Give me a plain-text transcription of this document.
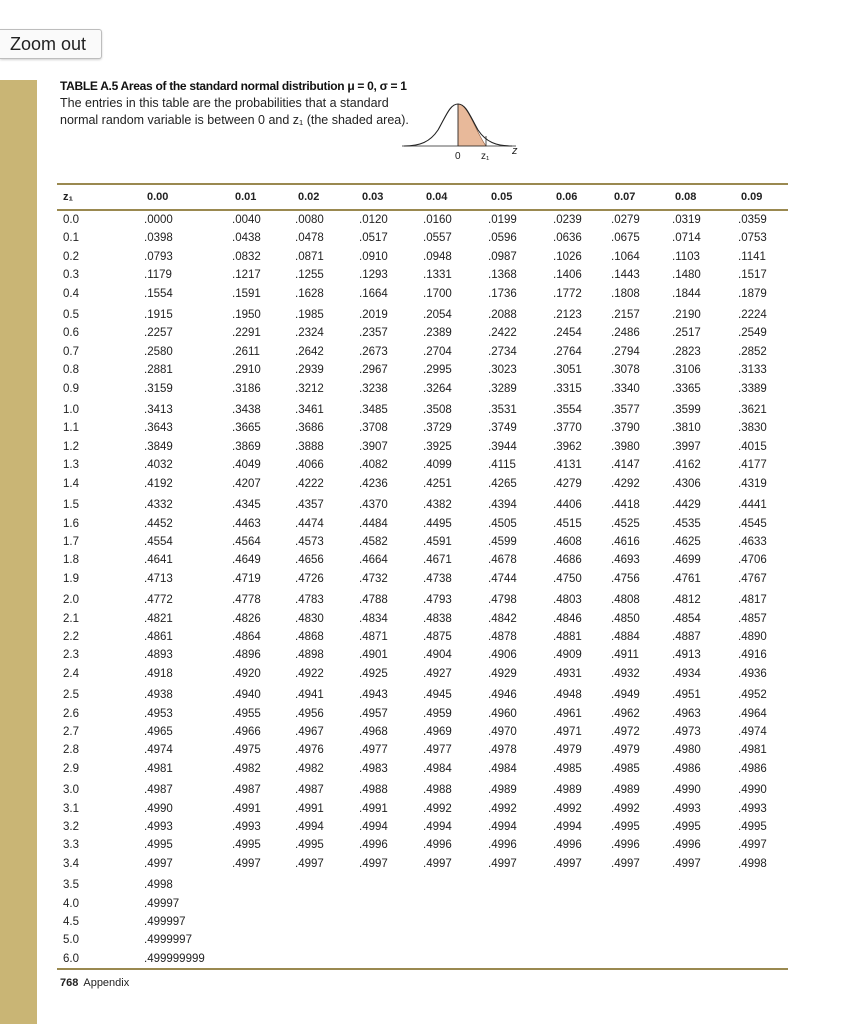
Zoom out
TABLE A.5 Areas of the standard normal distribution μ = 0, σ = 1
The entries in this table are the probabilities that a standard normal random variable is between 0 and z₁ (the shaded area).
0 z₁ z
z₁	0.00	0.01	0.02	0.03	0.04	0.05	0.06	0.07	0.08	0.09
0.0	.0000	.0040	.0080	.0120	.0160	.0199	.0239	.0279	.0319	.0359
0.1	.0398	.0438	.0478	.0517	.0557	.0596	.0636	.0675	.0714	.0753
0.2	.0793	.0832	.0871	.0910	.0948	.0987	.1026	.1064	.1103	.1141
0.3	.1179	.1217	.1255	.1293	.1331	.1368	.1406	.1443	.1480	.1517
0.4	.1554	.1591	.1628	.1664	.1700	.1736	.1772	.1808	.1844	.1879
0.5	.1915	.1950	.1985	.2019	.2054	.2088	.2123	.2157	.2190	.2224
0.6	.2257	.2291	.2324	.2357	.2389	.2422	.2454	.2486	.2517	.2549
0.7	.2580	.2611	.2642	.2673	.2704	.2734	.2764	.2794	.2823	.2852
0.8	.2881	.2910	.2939	.2967	.2995	.3023	.3051	.3078	.3106	.3133
0.9	.3159	.3186	.3212	.3238	.3264	.3289	.3315	.3340	.3365	.3389
1.0	.3413	.3438	.3461	.3485	.3508	.3531	.3554	.3577	.3599	.3621
1.1	.3643	.3665	.3686	.3708	.3729	.3749	.3770	.3790	.3810	.3830
1.2	.3849	.3869	.3888	.3907	.3925	.3944	.3962	.3980	.3997	.4015
1.3	.4032	.4049	.4066	.4082	.4099	.4115	.4131	.4147	.4162	.4177
1.4	.4192	.4207	.4222	.4236	.4251	.4265	.4279	.4292	.4306	.4319
1.5	.4332	.4345	.4357	.4370	.4382	.4394	.4406	.4418	.4429	.4441
1.6	.4452	.4463	.4474	.4484	.4495	.4505	.4515	.4525	.4535	.4545
1.7	.4554	.4564	.4573	.4582	.4591	.4599	.4608	.4616	.4625	.4633
1.8	.4641	.4649	.4656	.4664	.4671	.4678	.4686	.4693	.4699	.4706
1.9	.4713	.4719	.4726	.4732	.4738	.4744	.4750	.4756	.4761	.4767
2.0	.4772	.4778	.4783	.4788	.4793	.4798	.4803	.4808	.4812	.4817
2.1	.4821	.4826	.4830	.4834	.4838	.4842	.4846	.4850	.4854	.4857
2.2	.4861	.4864	.4868	.4871	.4875	.4878	.4881	.4884	.4887	.4890
2.3	.4893	.4896	.4898	.4901	.4904	.4906	.4909	.4911	.4913	.4916
2.4	.4918	.4920	.4922	.4925	.4927	.4929	.4931	.4932	.4934	.4936
2.5	.4938	.4940	.4941	.4943	.4945	.4946	.4948	.4949	.4951	.4952
2.6	.4953	.4955	.4956	.4957	.4959	.4960	.4961	.4962	.4963	.4964
2.7	.4965	.4966	.4967	.4968	.4969	.4970	.4971	.4972	.4973	.4974
2.8	.4974	.4975	.4976	.4977	.4977	.4978	.4979	.4979	.4980	.4981
2.9	.4981	.4982	.4982	.4983	.4984	.4984	.4985	.4985	.4986	.4986
3.0	.4987	.4987	.4987	.4988	.4988	.4989	.4989	.4989	.4990	.4990
3.1	.4990	.4991	.4991	.4991	.4992	.4992	.4992	.4992	.4993	.4993
3.2	.4993	.4993	.4994	.4994	.4994	.4994	.4994	.4995	.4995	.4995
3.3	.4995	.4995	.4995	.4996	.4996	.4996	.4996	.4996	.4996	.4997
3.4	.4997	.4997	.4997	.4997	.4997	.4997	.4997	.4997	.4997	.4998
3.5	.4998									
4.0	.49997									
4.5	.499997									
5.0	.4999997									
6.0	.499999999									
768 Appendix
